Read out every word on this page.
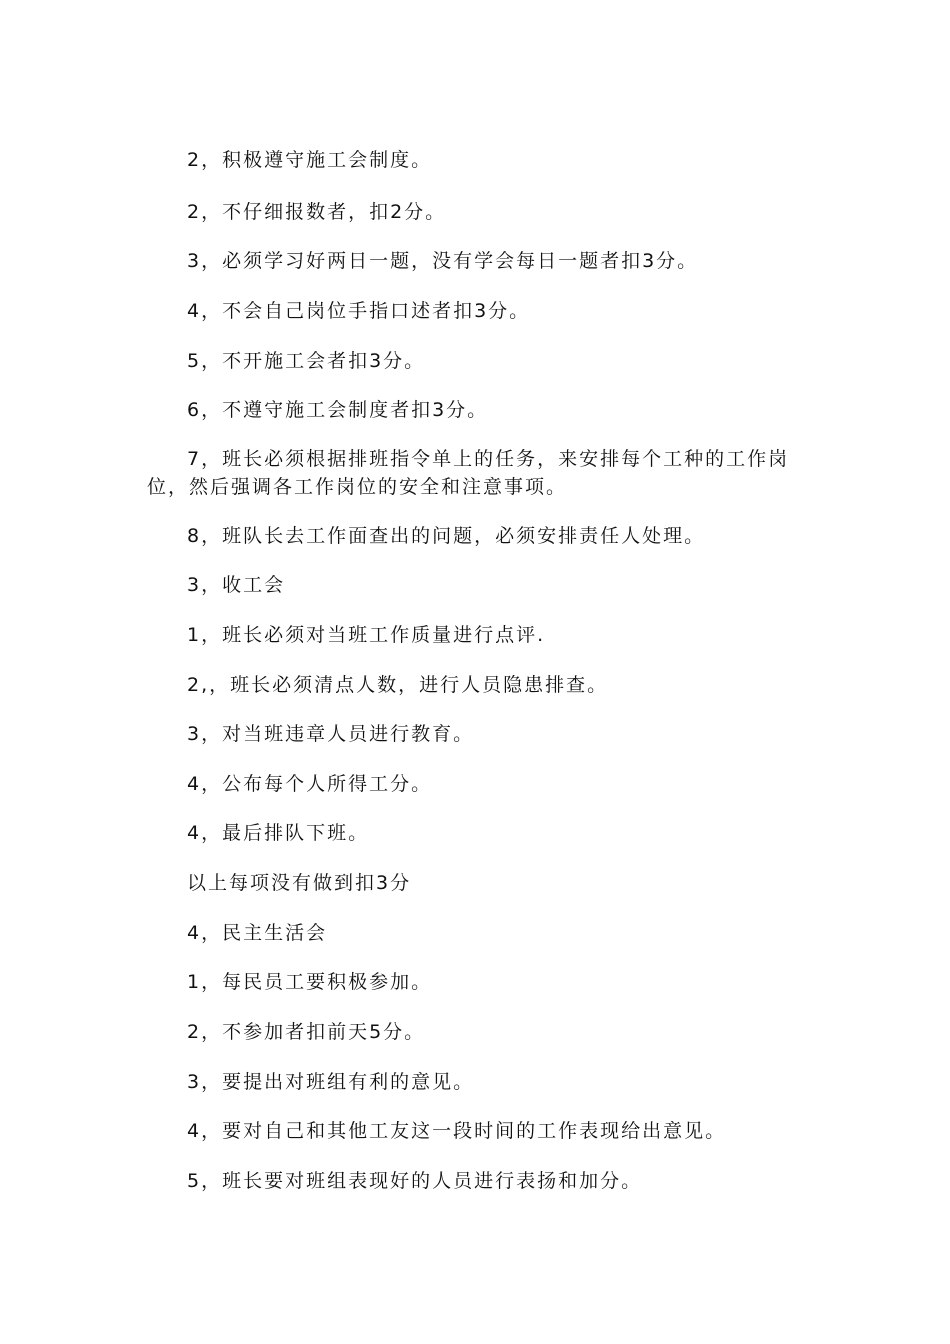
2，积极遵守施工会制度。

2，不仔细报数者，扣2分。

3，必须学习好两日一题，没有学会每日一题者扣3分。

4，不会自己岗位手指口述者扣3分。

5，不开施工会者扣3分。

6，不遵守施工会制度者扣3分。

7，班长必须根据排班指令单上的任务，来安排每个工种的工作岗位，然后强调各工作岗位的安全和注意事项。

8，班队长去工作面查出的问题，必须安排责任人处理。

3，收工会

1，班长必须对当班工作质量进行点评.

2,，班长必须清点人数，进行人员隐患排查。

3，对当班违章人员进行教育。

4，公布每个人所得工分。

4，最后排队下班。

以上每项没有做到扣3分

4，民主生活会

1，每民员工要积极参加。

2，不参加者扣前天5分。

3，要提出对班组有利的意见。

4，要对自己和其他工友这一段时间的工作表现给出意见。

5，班长要对班组表现好的人员进行表扬和加分。
